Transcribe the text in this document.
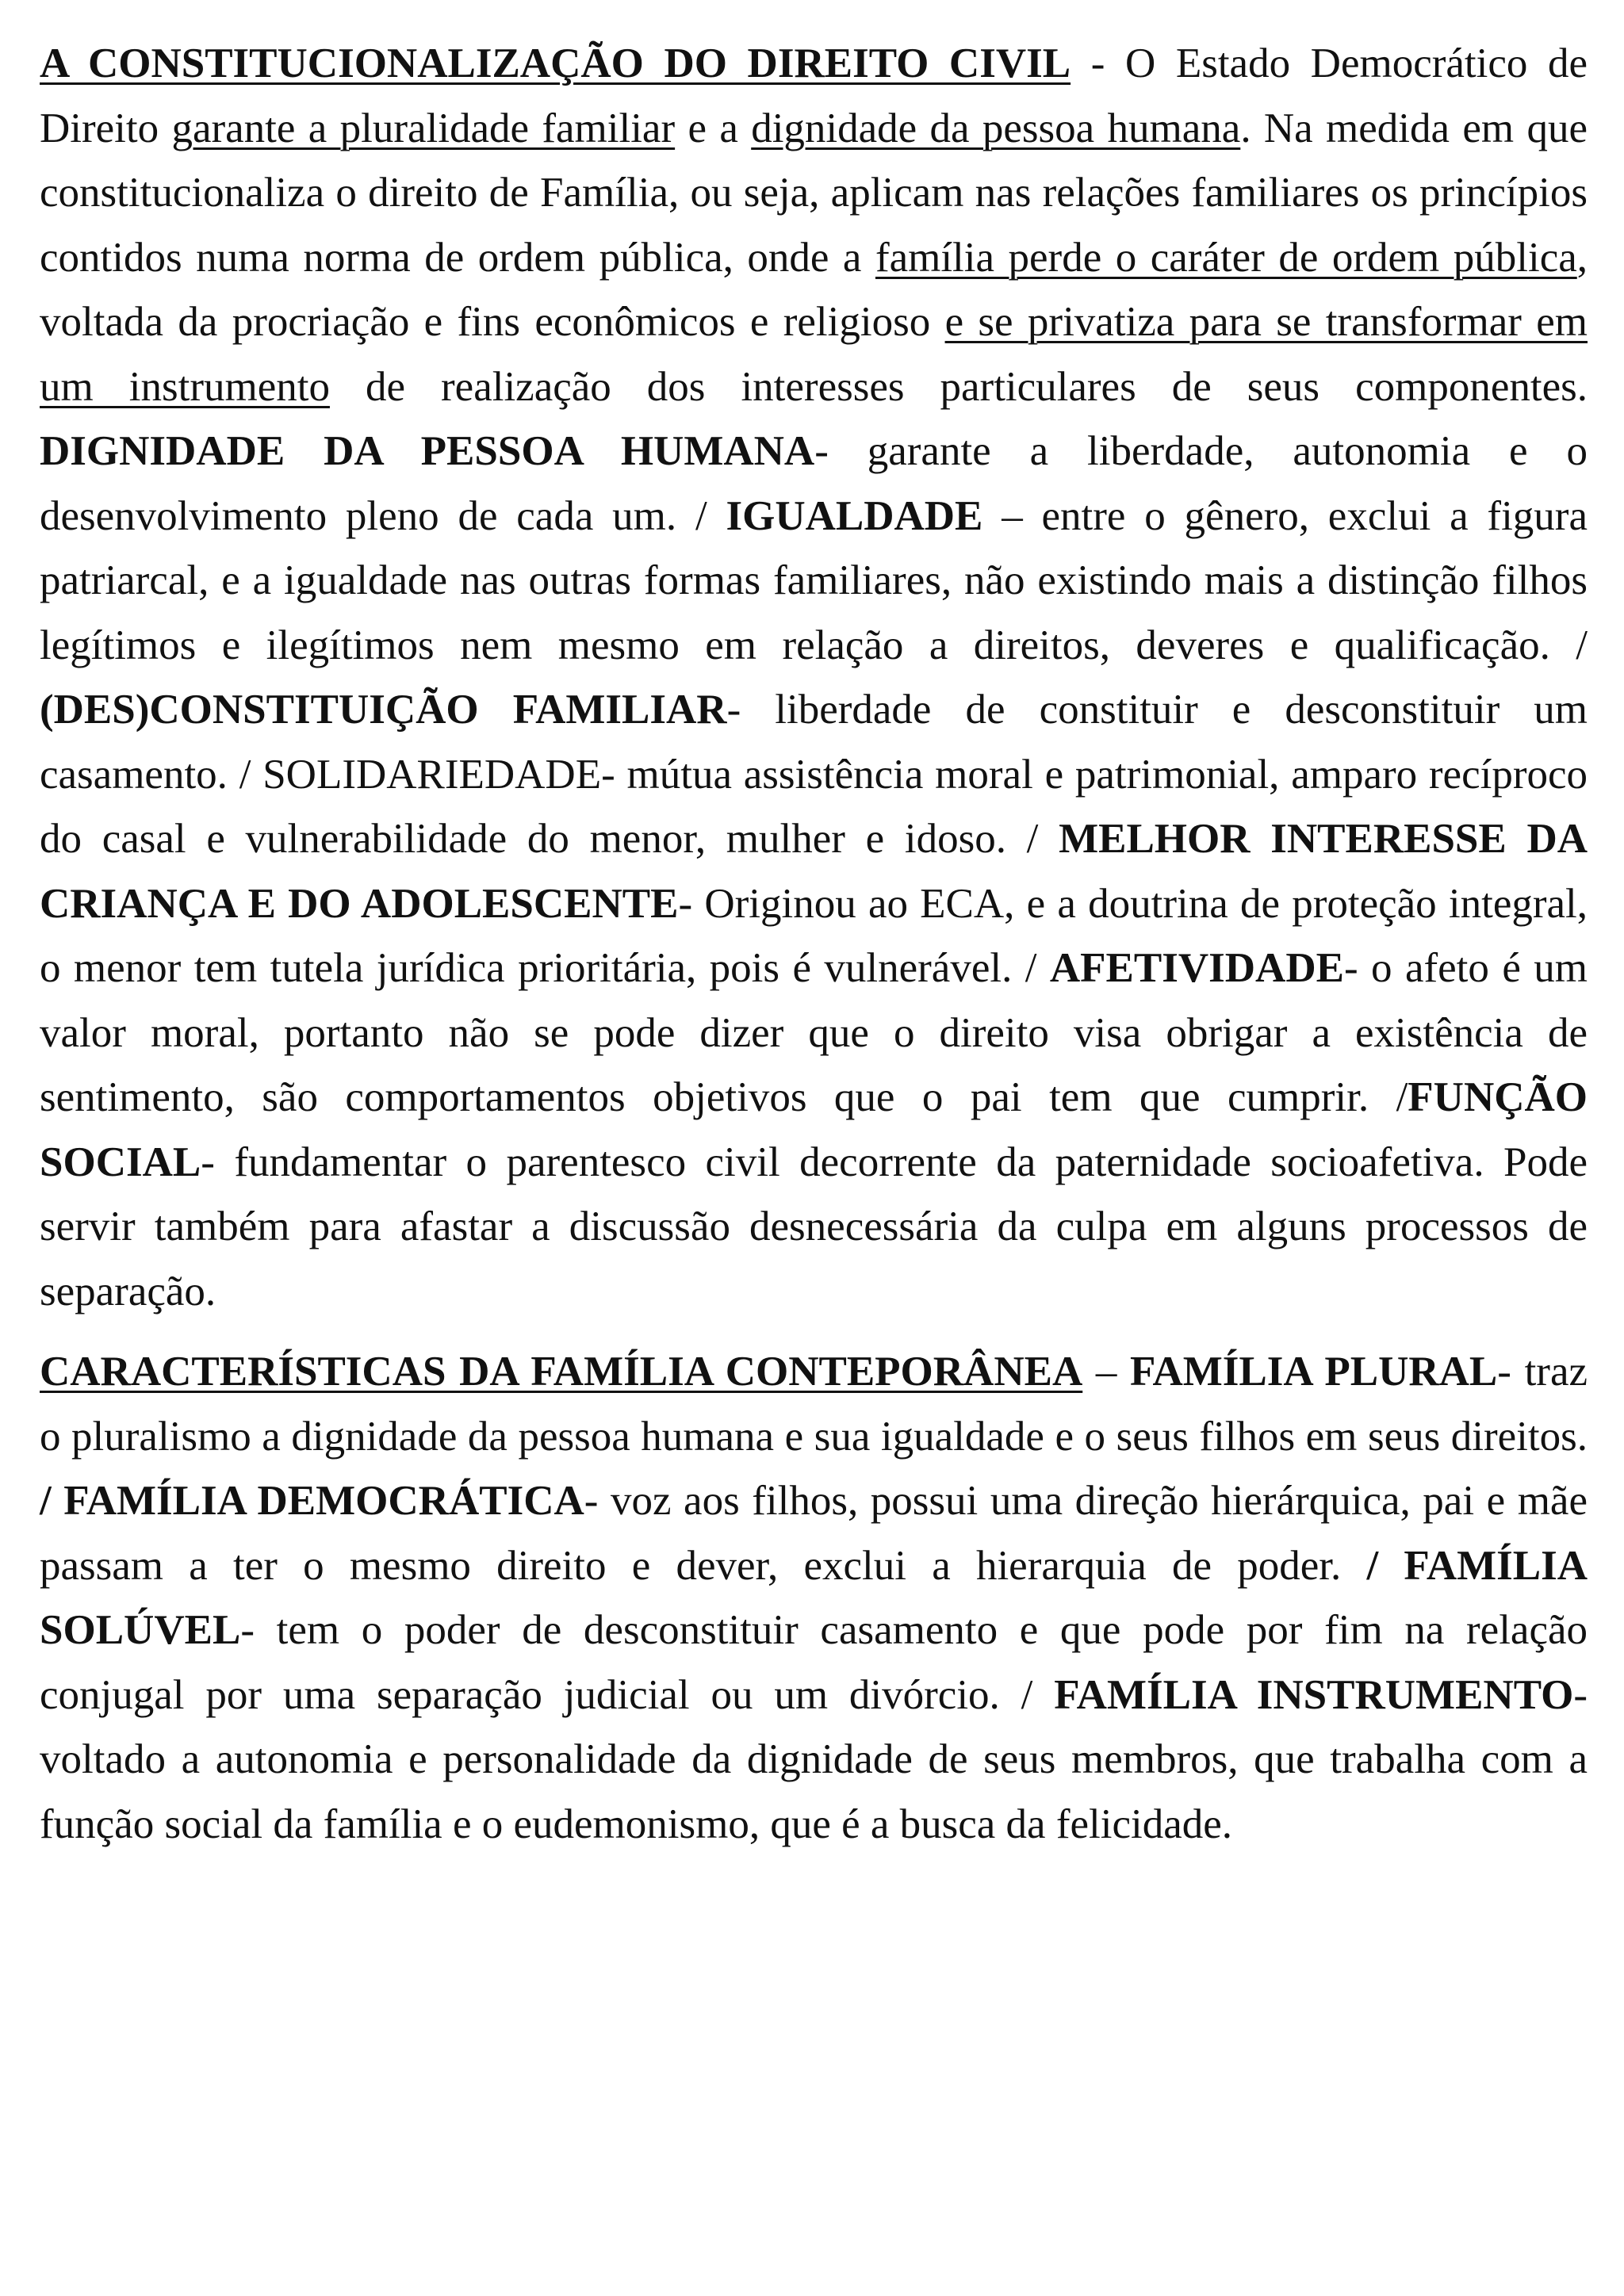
A CONSTITUCIONALIZAÇÃO DO DIREITO CIVIL - O Estado Democrático de Direito garante a pluralidade familiar e a dignidade da pessoa humana. Na medida em que constitucionaliza o direito de Família, ou seja, aplicam nas relações familiares os princípios contidos numa norma de ordem pública, onde a família perde o caráter de ordem pública, voltada da procriação e fins econômicos e religioso e se privatiza para se transformar em um instrumento de realização dos interesses particulares de seus componentes. DIGNIDADE DA PESSOA HUMANA- garante a liberdade, autonomia e o desenvolvimento pleno de cada um. / IGUALDADE – entre o gênero, exclui a figura patriarcal, e a igualdade nas outras formas familiares, não existindo mais a distinção filhos legítimos e ilegítimos nem mesmo em relação a direitos, deveres e qualificação. / (DES)CONSTITUIÇÃO FAMILIAR- liberdade de constituir e desconstituir um casamento. / SOLIDARIEDADE- mútua assistência moral e patrimonial, amparo recíproco do casal e vulnerabilidade do menor, mulher e idoso. / MELHOR INTERESSE DA CRIANÇA E DO ADOLESCENTE- Originou ao ECA, e a doutrina de proteção integral, o menor tem tutela jurídica prioritária, pois é vulnerável. / AFETIVIDADE- o afeto é um valor moral, portanto não se pode dizer que o direito visa obrigar a existência de sentimento, são comportamentos objetivos que o pai tem que cumprir. /FUNÇÃO SOCIAL- fundamentar o parentesco civil decorrente da paternidade socioafetiva. Pode servir também para afastar a discussão desnecessária da culpa em alguns processos de separação.

CARACTERÍSTICAS DA FAMÍLIA CONTEPORÂNEA – FAMÍLIA PLURAL- traz o pluralismo a dignidade da pessoa humana e sua igualdade e o seus filhos em seus direitos. / FAMÍLIA DEMOCRÁTICA- voz aos filhos, possui uma direção hierárquica, pai e mãe passam a ter o mesmo direito e dever, exclui a hierarquia de poder. / FAMÍLIA SOLÚVEL- tem o poder de desconstituir casamento e que pode por fim na relação conjugal por uma separação judicial ou um divórcio. / FAMÍLIA INSTRUMENTO- voltado a autonomia e personalidade da dignidade de seus membros, que trabalha com a função social da família e o eudemonismo, que é a busca da felicidade.
